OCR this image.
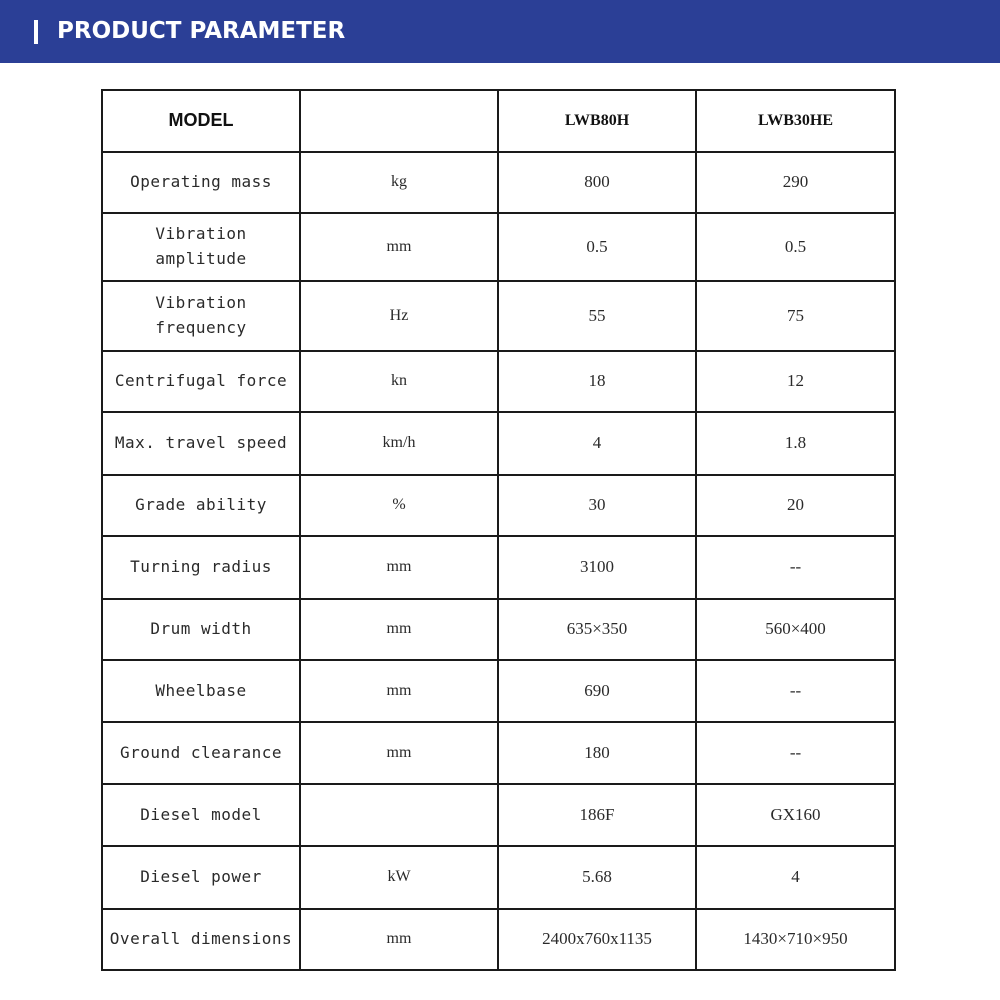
PRODUCT PARAMETER
MODEL		LWB80H	LWB30HE
Operating mass	kg	800	290
Vibration amplitude	mm	0.5	0.5
Vibration frequency	Hz	55	75
Centrifugal force	kn	18	12
Max. travel speed	km/h	4	1.8
Grade ability	%	30	20
Turning radius	mm	3100	--
Drum width	mm	635×350	560×400
Wheelbase	mm	690	--
Ground clearance	mm	180	--
Diesel model		186F	GX160
Diesel power	kW	5.68	4
Overall dimensions	mm	2400x760x1135	1430×710×950
